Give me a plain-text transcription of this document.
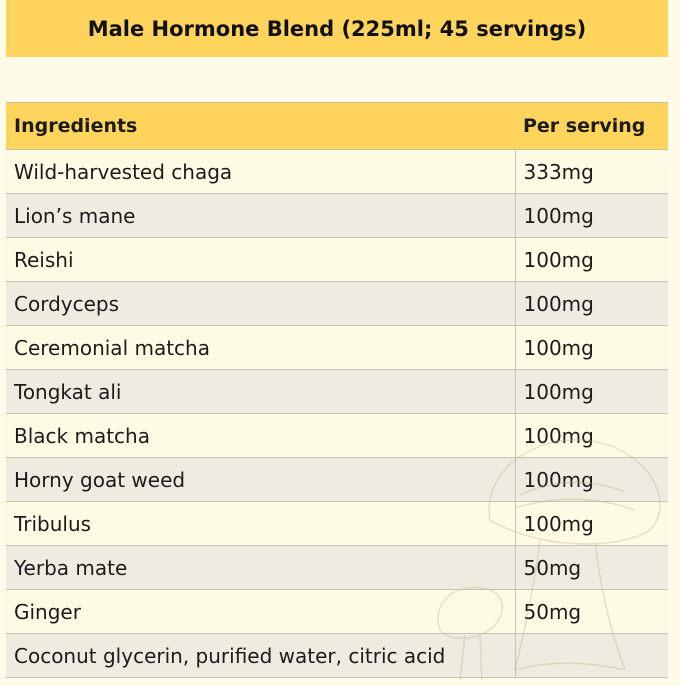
Male Hormone Blend (225ml; 45 servings)
Ingredients	Per serving
Wild-harvested chaga	333mg
Lion’s mane	100mg
Reishi	100mg
Cordyceps	100mg
Ceremonial matcha	100mg
Tongkat ali	100mg
Black matcha	100mg
Horny goat weed	100mg
Tribulus	100mg
Yerba mate	50mg
Ginger	50mg
Coconut glycerin, purified water, citric acid	
